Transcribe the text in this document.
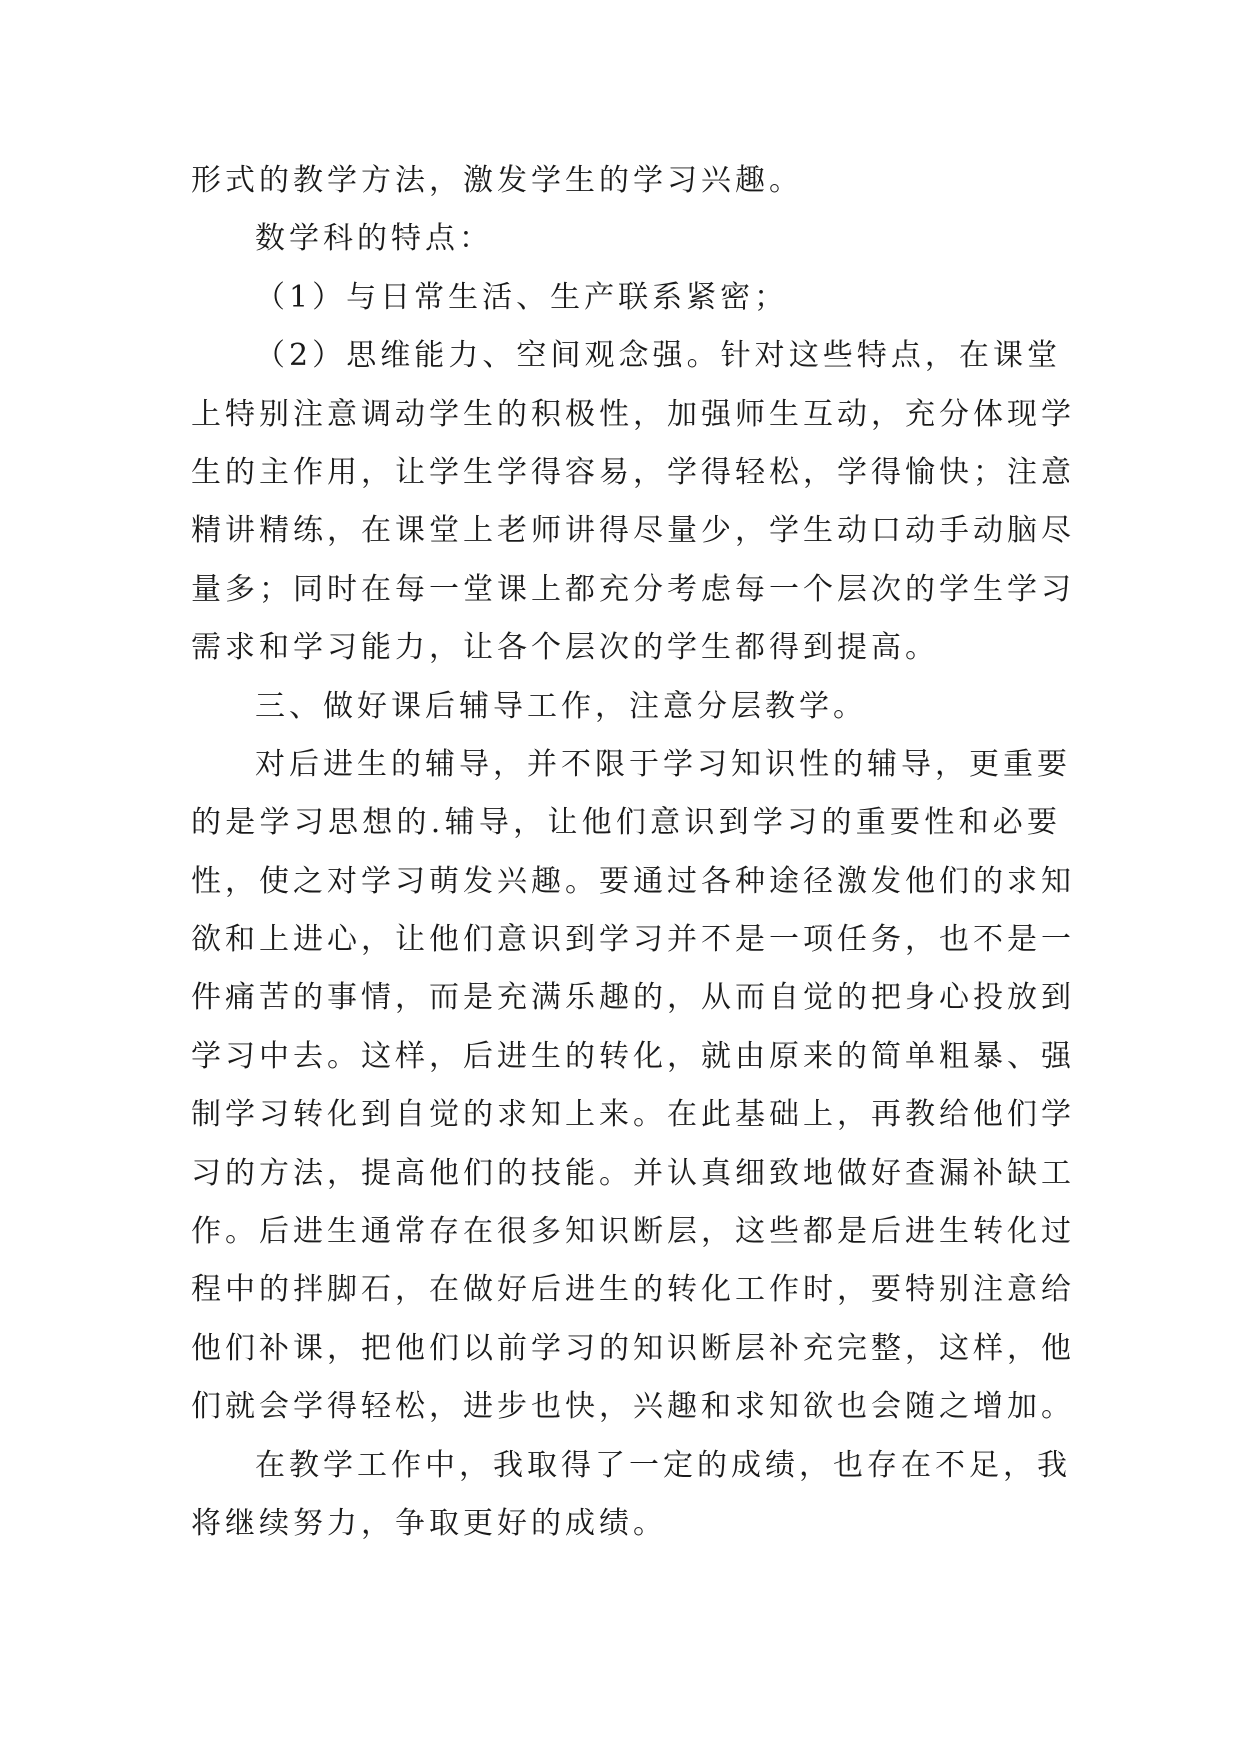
形式的教学方法，激发学生的学习兴趣。
数学科的特点：
（1）与日常生活、生产联系紧密；
（2）思维能力、空间观念强。针对这些特点，在课堂
上特别注意调动学生的积极性，加强师生互动，充分体现学
生的主作用，让学生学得容易，学得轻松，学得愉快；注意
精讲精练，在课堂上老师讲得尽量少，学生动口动手动脑尽
量多；同时在每一堂课上都充分考虑每一个层次的学生学习
需求和学习能力，让各个层次的学生都得到提高。
三、做好课后辅导工作，注意分层教学。
对后进生的辅导，并不限于学习知识性的辅导，更重要
的是学习思想的.辅导，让他们意识到学习的重要性和必要
性，使之对学习萌发兴趣。要通过各种途径激发他们的求知
欲和上进心，让他们意识到学习并不是一项任务，也不是一
件痛苦的事情，而是充满乐趣的，从而自觉的把身心投放到
学习中去。这样，后进生的转化，就由原来的简单粗暴、强
制学习转化到自觉的求知上来。在此基础上，再教给他们学
习的方法，提高他们的技能。并认真细致地做好查漏补缺工
作。后进生通常存在很多知识断层，这些都是后进生转化过
程中的拌脚石，在做好后进生的转化工作时，要特别注意给
他们补课，把他们以前学习的知识断层补充完整，这样，他
们就会学得轻松，进步也快，兴趣和求知欲也会随之增加。
在教学工作中，我取得了一定的成绩，也存在不足，我
将继续努力，争取更好的成绩。
